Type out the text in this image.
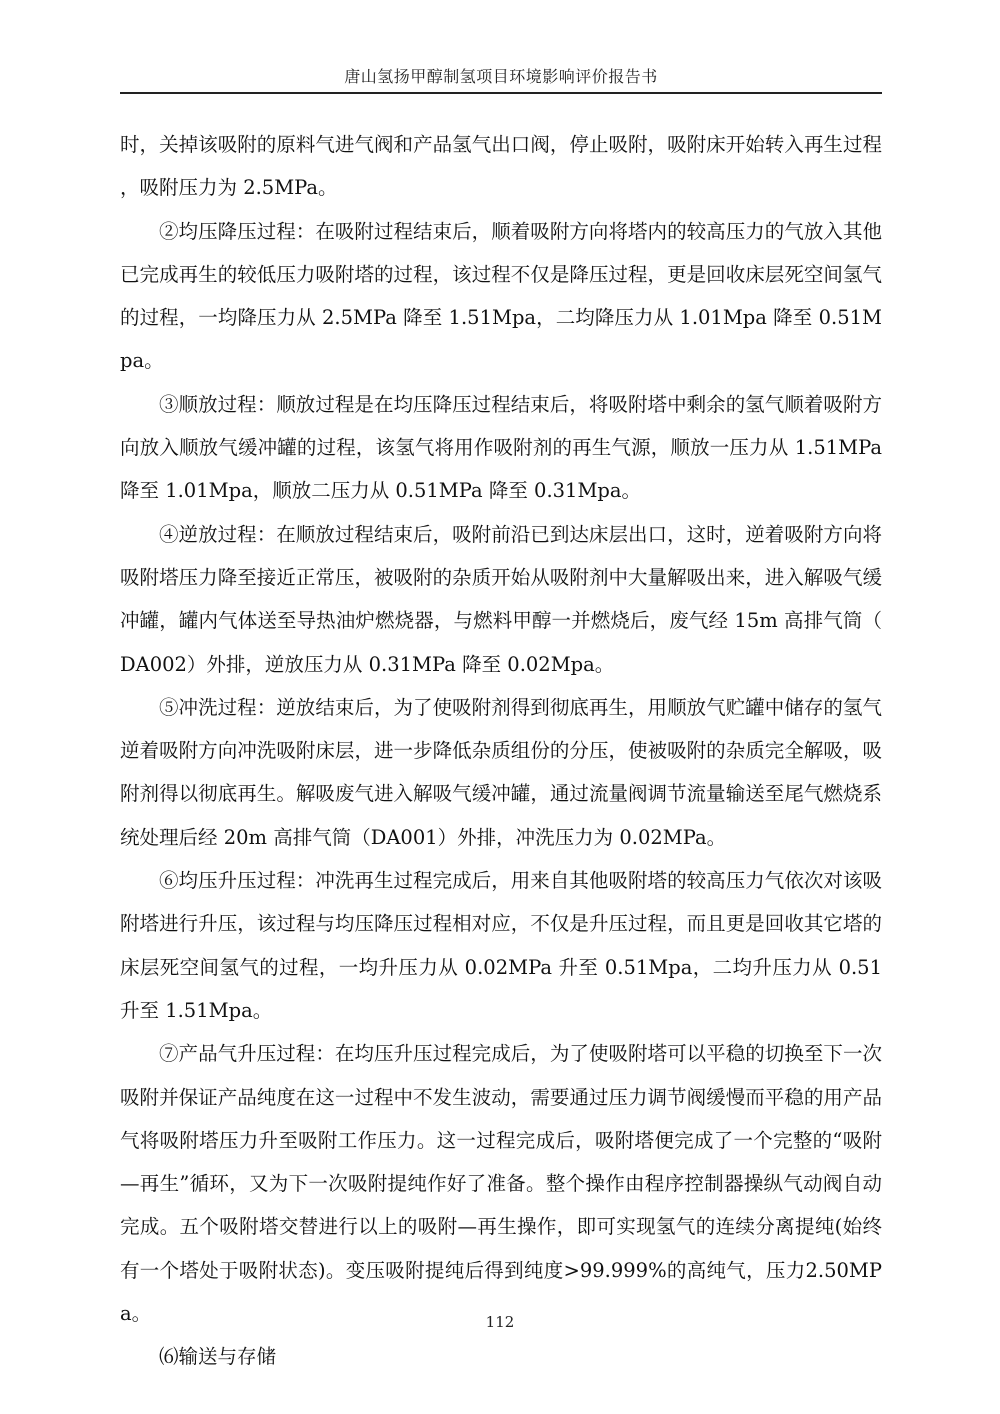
唐山氢扬甲醇制氢项目环境影响评价报告书

时，关掉该吸附的原料气进气阀和产品氢气出口阀，停止吸附，吸附床开始转入再生过程，吸附压力为 2.5MPa。

②均压降压过程：在吸附过程结束后，顺着吸附方向将塔内的较高压力的气放入其他已完成再生的较低压力吸附塔的过程，该过程不仅是降压过程，更是回收床层死空间氢气的过程，一均降压力从 2.5MPa 降至 1.51Mpa，二均降压力从 1.01Mpa 降至 0.51Mpa。

③顺放过程：顺放过程是在均压降压过程结束后，将吸附塔中剩余的氢气顺着吸附方向放入顺放气缓冲罐的过程，该氢气将用作吸附剂的再生气源，顺放一压力从 1.51MPa 降至 1.01Mpa，顺放二压力从 0.51MPa 降至 0.31Mpa。

④逆放过程：在顺放过程结束后，吸附前沿已到达床层出口，这时，逆着吸附方向将吸附塔压力降至接近正常压，被吸附的杂质开始从吸附剂中大量解吸出来，进入解吸气缓冲罐，罐内气体送至导热油炉燃烧器，与燃料甲醇一并燃烧后，废气经 15m 高排气筒（DA002）外排，逆放压力从 0.31MPa 降至 0.02Mpa。

⑤冲洗过程：逆放结束后，为了使吸附剂得到彻底再生，用顺放气贮罐中储存的氢气逆着吸附方向冲洗吸附床层，进一步降低杂质组份的分压，使被吸附的杂质完全解吸，吸附剂得以彻底再生。解吸废气进入解吸气缓冲罐，通过流量阀调节流量输送至尾气燃烧系统处理后经 20m 高排气筒（DA001）外排，冲洗压力为 0.02MPa。

⑥均压升压过程：冲洗再生过程完成后，用来自其他吸附塔的较高压力气依次对该吸附塔进行升压，该过程与均压降压过程相对应，不仅是升压过程，而且更是回收其它塔的床层死空间氢气的过程，一均升压力从 0.02MPa 升至 0.51Mpa，二均升压力从 0.51 升至 1.51Mpa。

⑦产品气升压过程：在均压升压过程完成后，为了使吸附塔可以平稳的切换至下一次吸附并保证产品纯度在这一过程中不发生波动，需要通过压力调节阀缓慢而平稳的用产品气将吸附塔压力升至吸附工作压力。这一过程完成后，吸附塔便完成了一个完整的“吸附—再生”循环，又为下一次吸附提纯作好了准备。整个操作由程序控制器操纵气动阀自动完成。五个吸附塔交替进行以上的吸附—再生操作，即可实现氢气的连续分离提纯(始终有一个塔处于吸附状态)。变压吸附提纯后得到纯度>99.999%的高纯气，压力2.50MPa。

⑹输送与存储

112
